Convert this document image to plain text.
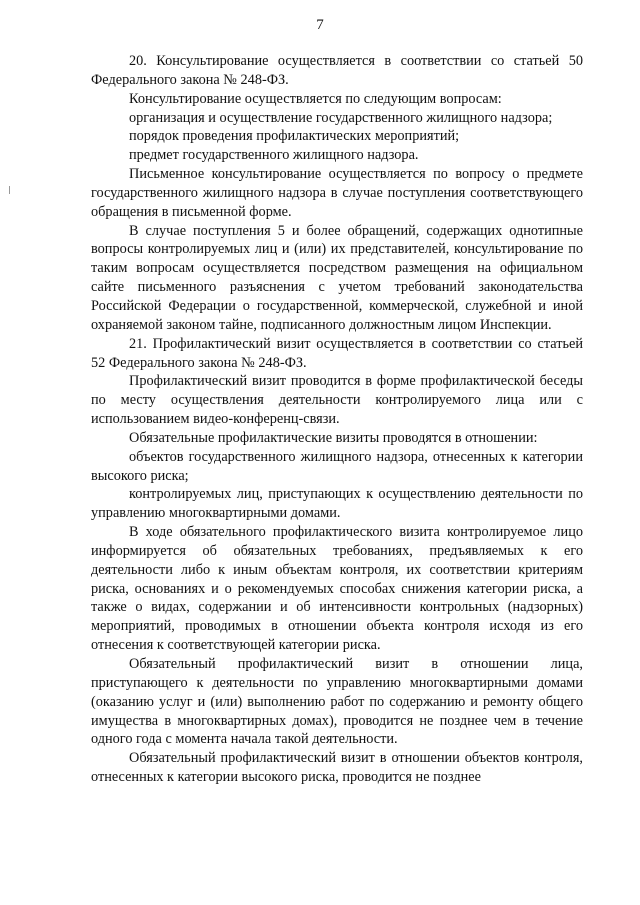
7

20. Консультирование осуществляется в соответствии со статьей 50 Федерального закона № 248-ФЗ.

Консультирование осуществляется по следующим вопросам:

организация и осуществление государственного жилищного надзора;

порядок проведения профилактических мероприятий;

предмет государственного жилищного надзора.

Письменное консультирование осуществляется по вопросу о предмете государственного жилищного надзора в случае поступления соответствующего обращения в письменной форме.

В случае поступления 5 и более обращений, содержащих однотипные вопросы контролируемых лиц и (или) их представителей, консультирование по таким вопросам осуществляется посредством размещения на официальном сайте письменного разъяснения с учетом требований законодательства Российской Федерации о государственной, коммерческой, служебной и иной охраняемой законом тайне, подписанного должностным лицом Инспекции.

21. Профилактический визит осуществляется в соответствии со статьей 52 Федерального закона № 248-ФЗ.

Профилактический визит проводится в форме профилактической беседы по месту осуществления деятельности контролируемого лица или с использованием видео-конференц-связи.

Обязательные профилактические визиты проводятся в отношении:

объектов государственного жилищного надзора, отнесенных к категории высокого риска;

контролируемых лиц, приступающих к осуществлению деятельности по управлению многоквартирными домами.

В ходе обязательного профилактического визита контролируемое лицо информируется об обязательных требованиях, предъявляемых к его деятельности либо к иным объектам контроля, их соответствии критериям риска, основаниях и о рекомендуемых способах снижения категории риска, а также о видах, содержании и об интенсивности контрольных (надзорных) мероприятий, проводимых в отношении объекта контроля исходя из его отнесения к соответствующей категории риска.

Обязательный профилактический визит в отношении лица, приступающего к деятельности по управлению многоквартирными домами (оказанию услуг и (или) выполнению работ по содержанию и ремонту общего имущества в многоквартирных домах), проводится не позднее чем в течение одного года с момента начала такой деятельности.

Обязательный профилактический визит в отношении объектов контроля, отнесенных к категории высокого риска, проводится не позднее
